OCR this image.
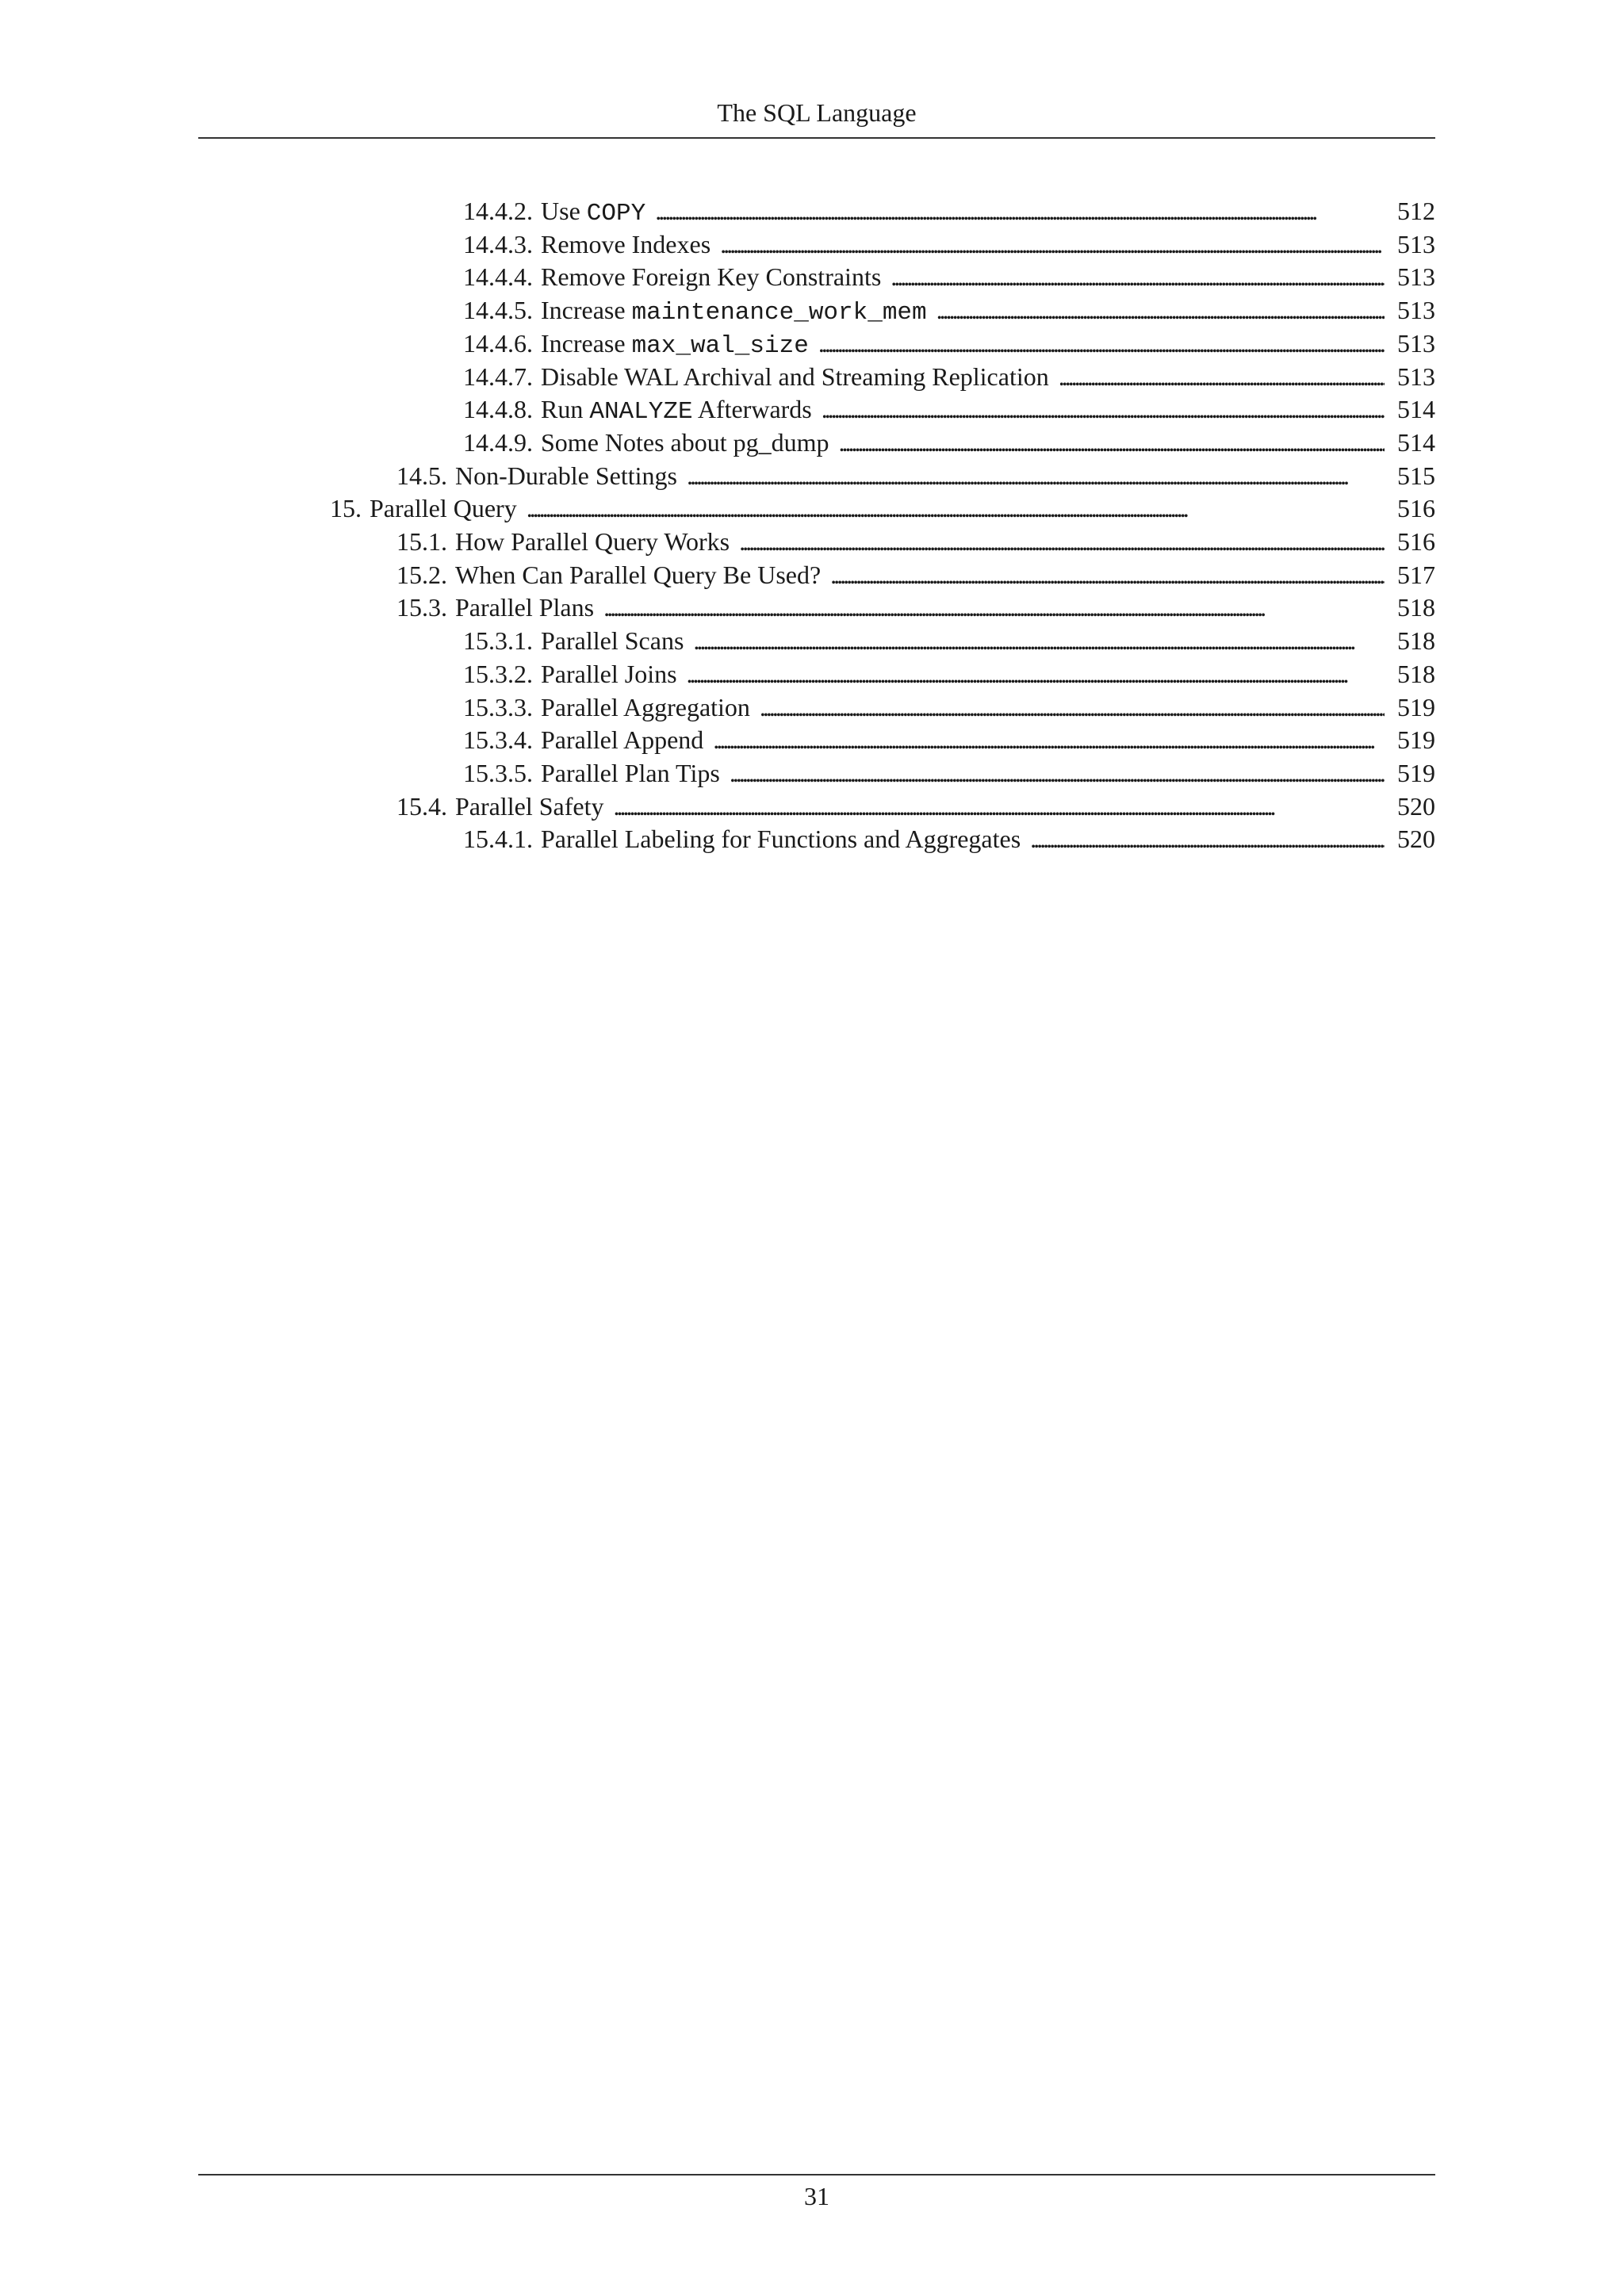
The SQL Language
14.4.2. Use COPY . . .	512
14.4.3. Remove Indexes . . .	513
14.4.4. Remove Foreign Key Constraints . . .	513
14.4.5. Increase maintenance_work_mem . . .	513
14.4.6. Increase max_wal_size . . .	513
14.4.7. Disable WAL Archival and Streaming Replication . . .	513
14.4.8. Run ANALYZE Afterwards . . .	514
14.4.9. Some Notes about pg_dump . . .	514
14.5. Non-Durable Settings . . .	515
15. Parallel Query . . .	516
15.1. How Parallel Query Works . . .	516
15.2. When Can Parallel Query Be Used? . . .	517
15.3. Parallel Plans . . .	518
15.3.1. Parallel Scans . . .	518
15.3.2. Parallel Joins . . .	518
15.3.3. Parallel Aggregation . . .	519
15.3.4. Parallel Append . . .	519
15.3.5. Parallel Plan Tips . . .	519
15.4. Parallel Safety . . .	520
15.4.1. Parallel Labeling for Functions and Aggregates . . .	520
31
